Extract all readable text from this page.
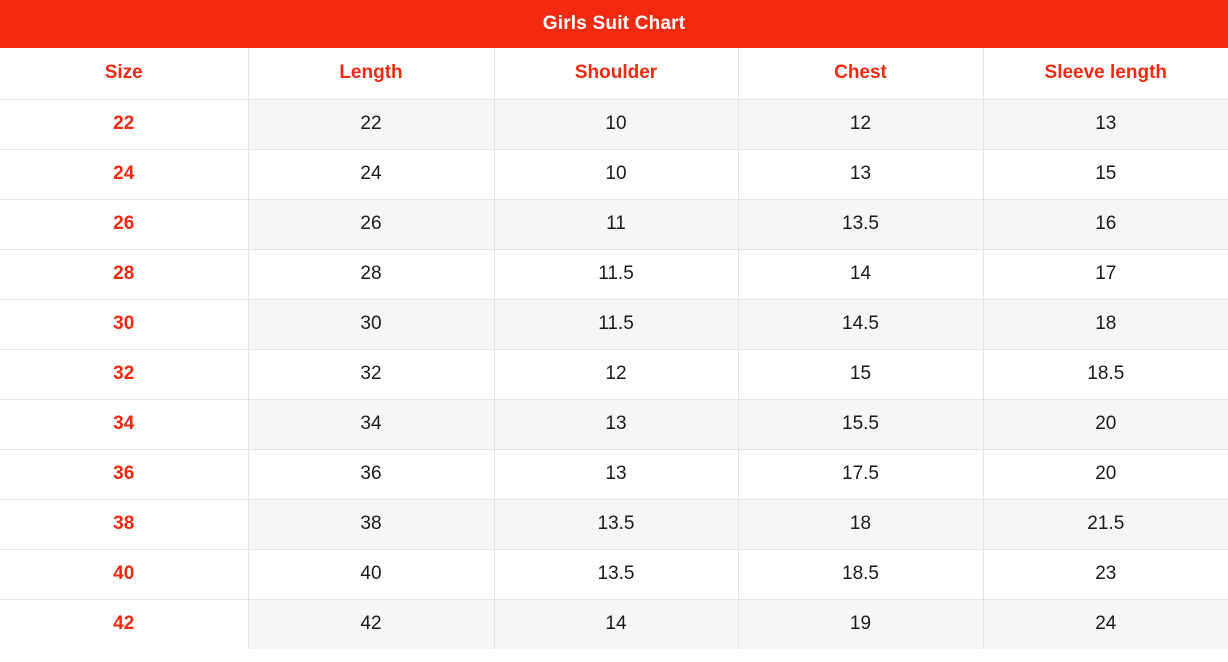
Girls Suit Chart				
Size	Length	Shoulder	Chest	Sleeve length
22	22	10	12	13
24	24	10	13	15
26	26	11	13.5	16
28	28	11.5	14	17
30	30	11.5	14.5	18
32	32	12	15	18.5
34	34	13	15.5	20
36	36	13	17.5	20
38	38	13.5	18	21.5
40	40	13.5	18.5	23
42	42	14	19	24
